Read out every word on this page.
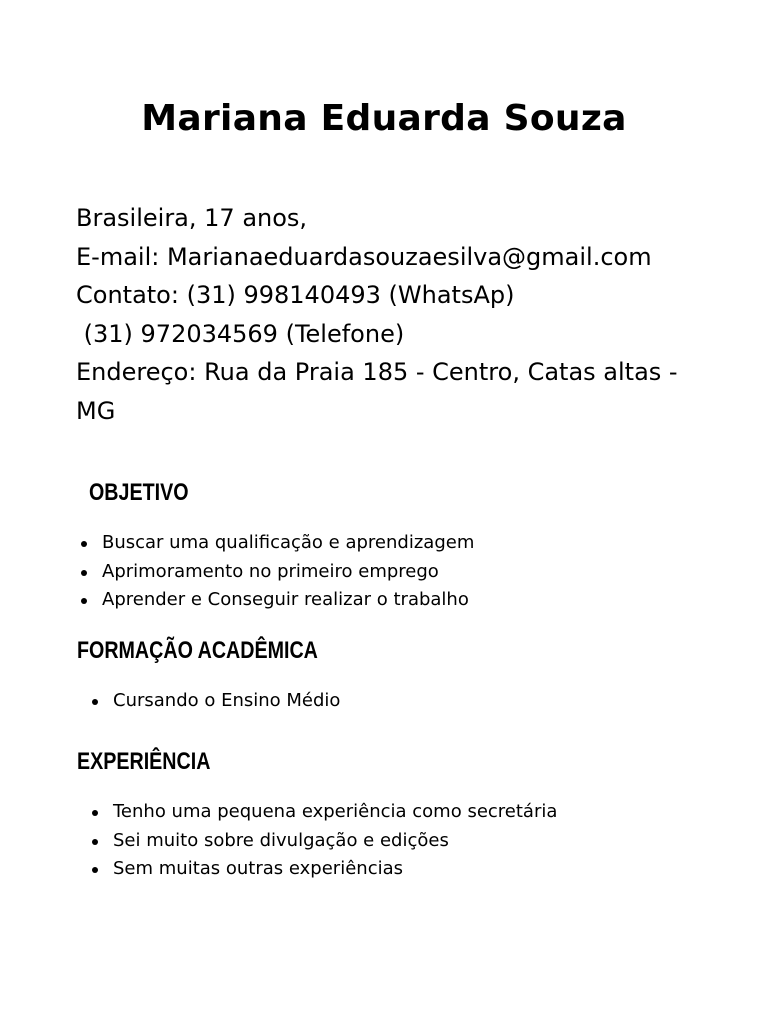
Mariana Eduarda Souza
Brasileira, 17 anos,
E-mail: Marianaeduardasouzaesilva@gmail.com
Contato: (31) 998140493 (WhatsAp)
(31) 972034569 (Telefone)
Endereço: Rua da Praia 185 - Centro, Catas altas - MG
OBJETIVO
Buscar uma qualificação e aprendizagem
Aprimoramento no primeiro emprego
Aprender e Conseguir realizar o trabalho
FORMAÇÃO ACADÊMICA
Cursando o Ensino Médio
EXPERIÊNCIA
Tenho uma pequena experiência como secretária
Sei muito sobre divulgação e edições
Sem muitas outras experiências
